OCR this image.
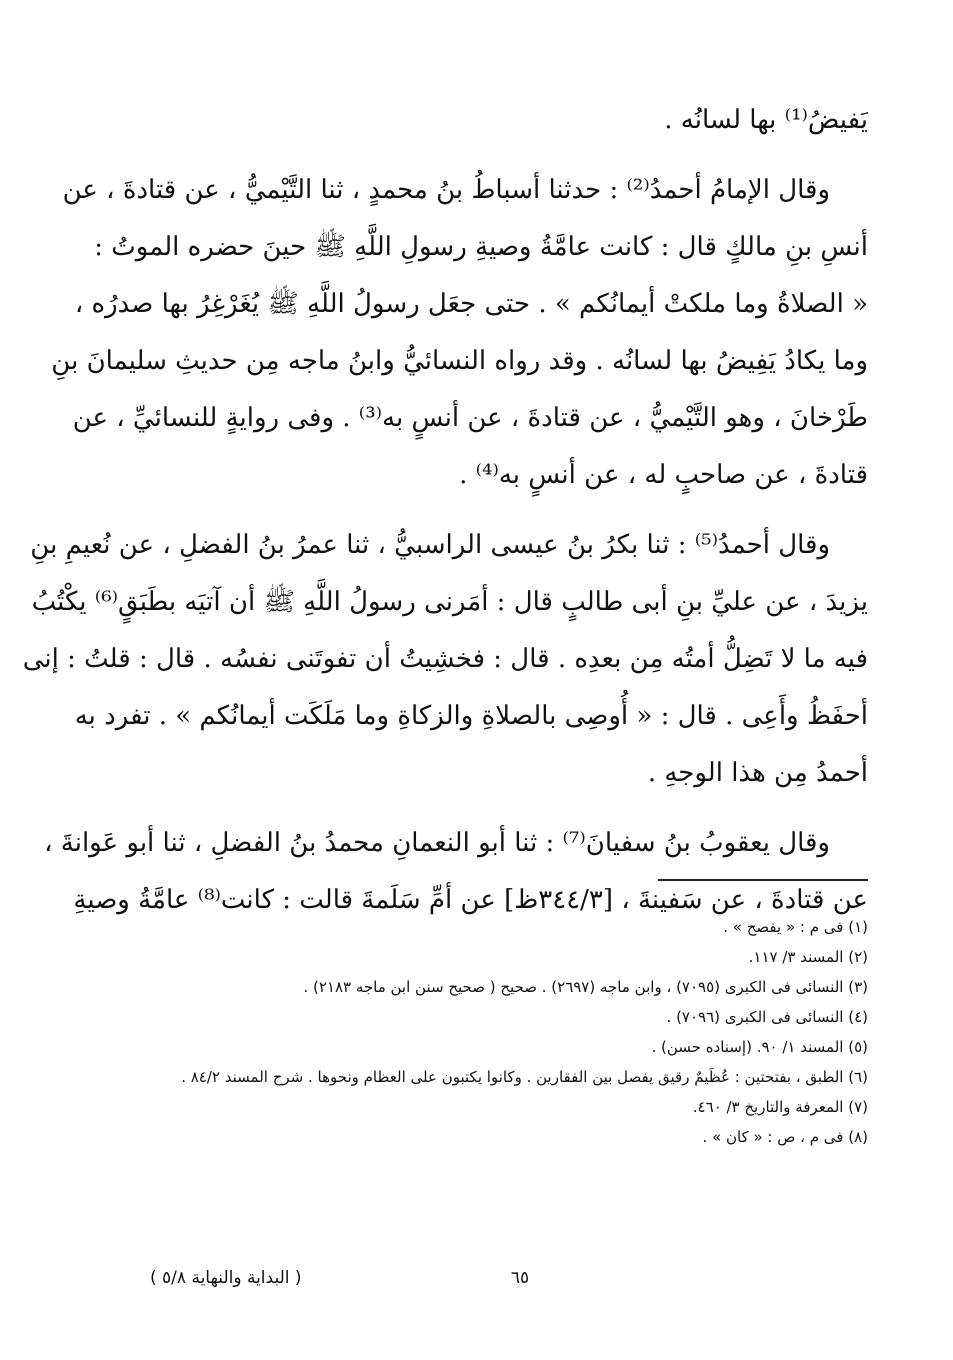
يَفيضُ⁽¹⁾ بها لسانُه .

وقال الإمامُ أحمدُ⁽²⁾ : حدثنا أسباطُ بنُ محمدٍ ، ثنا التَّيْميُّ ، عن قتادةَ ، عن

أنسِ بنِ مالكٍ قال : كانت عامَّةُ وصيةِ رسولِ اللَّهِ ﷺ حينَ حضره الموتُ :

« الصلاةُ وما ملكتْ أيمانُكم » . حتى جعَل رسولُ اللَّهِ ﷺ يُغَرْغِرُ بها صدرُه ،

وما يكادُ يَفِيضُ بها لسانُه . وقد رواه النسائيُّ وابنُ ماجه مِن حديثِ سليمانَ بنِ

طَرْخانَ ، وهو التَّيْميُّ ، عن قتادةَ ، عن أنسٍ به⁽³⁾ . وفى روايةٍ للنسائيِّ ، عن

قتادةَ ، عن صاحبٍ له ، عن أنسٍ به⁽⁴⁾ .

وقال أحمدُ⁽⁵⁾ : ثنا بكرُ بنُ عيسى الراسبيُّ ، ثنا عمرُ بنُ الفضلِ ، عن نُعيمِ بنِ

يزيدَ ، عن عليِّ بنِ أبى طالبٍ قال : أمَرنى رسولُ اللَّهِ ﷺ أن آتيَه بطَبَقٍ⁽⁶⁾ يكْتُبُ

فيه ما لا تَضِلُّ أمتُه مِن بعدِه . قال : فخشِيتُ أن تفوتَنى نفسُه . قال : قلتُ : إنى

أحفَظُ وأَعِى . قال : « أُوصِى بالصلاةِ والزكاةِ وما مَلَكَت أيمانُكم » . تفرد به

أحمدُ مِن هذا الوجهِ .

وقال يعقوبُ بنُ سفيانَ⁽⁷⁾ : ثنا أبو النعمانِ محمدُ بنُ الفضلِ ، ثنا أبو عَوانةَ ،

عن قتادةَ ، عن سَفينةَ ، [٣٤٤/٣ظ] عن أمِّ سَلَمةَ قالت : كانت⁽⁸⁾ عامَّةُ وصيةِ

(١) فى م : « يفصح » .

(٢) المسند ٣/ ١١٧.

(٣) النسائى فى الكبرى (٧٠٩٥) ، وابن ماجه (٢٦٩٧) . صحيح ( صحيح سنن ابن ماجه ٢١٨٣) .

(٤) النسائى فى الكبرى (٧٠٩٦) .

(٥) المسند ١/ ٩٠. (إسناده حسن) .

(٦) الطبق ، بفتحتين : عُظَيمٌ رقيق يفصل بين الفقارين . وكانوا يكتبون على العظام ونحوها . شرح المسند ٨٤/٢ .

(٧) المعرفة والتاريخ ٣/ ٤٦٠.

(٨) فى م ، ص : « كان » .

٦٥
( البداية والنهاية ٥/٨ )
